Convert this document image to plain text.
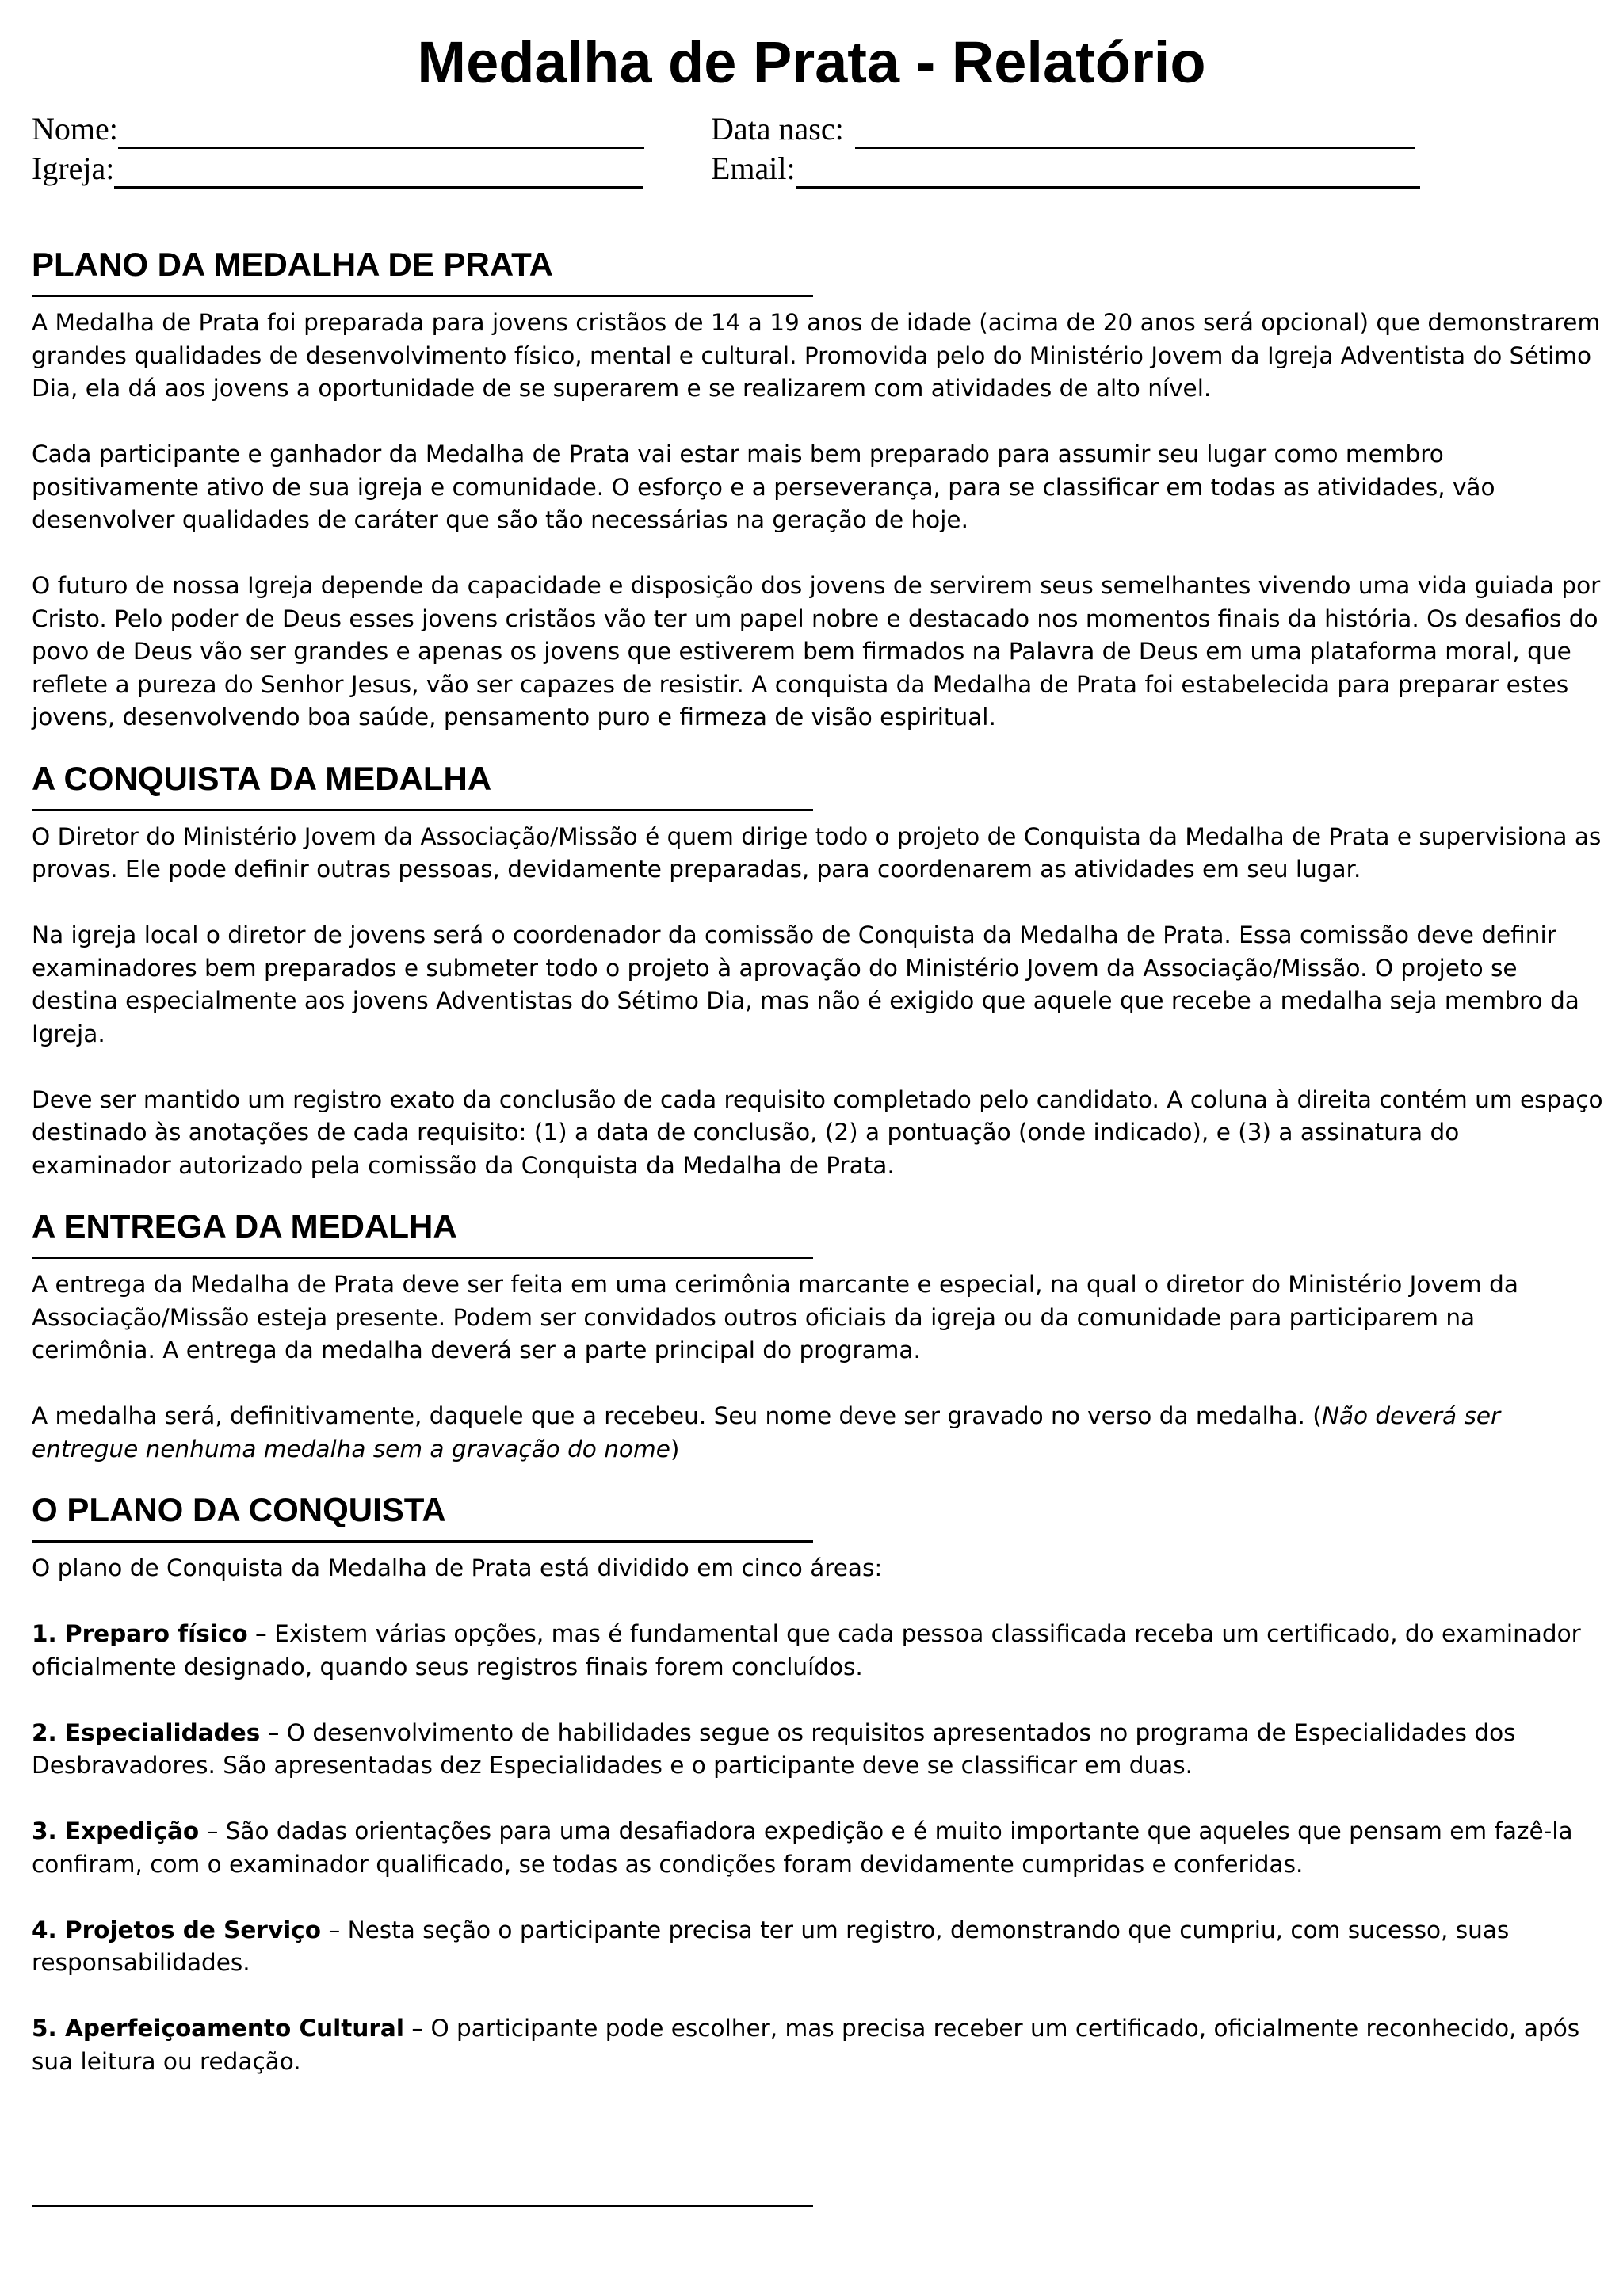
Medalha de Prata - Relatório
Nome:	Data nasc:
Igreja:	Email:
PLANO DA MEDALHA DE PRATA

A Medalha de Prata foi preparada para jovens cristãos de 14 a 19 anos de idade (acima de 20 anos será opcional) que demonstrarem grandes qualidades de desenvolvimento físico, mental e cultural. Promovida pelo do Ministério Jovem da Igreja Adventista do Sétimo Dia, ela dá aos jovens a oportunidade de se superarem e se realizarem com atividades de alto nível.

Cada participante e ganhador da Medalha de Prata vai estar mais bem preparado para assumir seu lugar como membro positivamente ativo de sua igreja e comunidade. O esforço e a perseverança, para se classificar em todas as atividades, vão desenvolver qualidades de caráter que são tão necessárias na geração de hoje.

O futuro de nossa Igreja depende da capacidade e disposição dos jovens de servirem seus semelhantes vivendo uma vida guiada por Cristo. Pelo poder de Deus esses jovens cristãos vão ter um papel nobre e destacado nos momentos finais da história. Os desafios do povo de Deus vão ser grandes e apenas os jovens que estiverem bem firmados na Palavra de Deus em uma plataforma moral, que reflete a pureza do Senhor Jesus, vão ser capazes de resistir. A conquista da Medalha de Prata foi estabelecida para preparar estes jovens, desenvolvendo boa saúde, pensamento puro e firmeza de visão espiritual.

A CONQUISTA DA MEDALHA

O Diretor do Ministério Jovem da Associação/Missão é quem dirige todo o projeto de Conquista da Medalha de Prata e supervisiona as provas. Ele pode definir outras pessoas, devidamente preparadas, para coordenarem as atividades em seu lugar.

Na igreja local o diretor de jovens será o coordenador da comissão de Conquista da Medalha de Prata. Essa comissão deve definir examinadores bem preparados e submeter todo o projeto à aprovação do Ministério Jovem da Associação/Missão. O projeto se destina especialmente aos jovens Adventistas do Sétimo Dia, mas não é exigido que aquele que recebe a medalha seja membro da Igreja.

Deve ser mantido um registro exato da conclusão de cada requisito completado pelo candidato. A coluna à direita contém um espaço destinado às anotações de cada requisito: (1) a data de conclusão, (2) a pontuação (onde indicado), e (3) a assinatura do examinador autorizado pela comissão da Conquista da Medalha de Prata.

A ENTREGA DA MEDALHA

A entrega da Medalha de Prata deve ser feita em uma cerimônia marcante e especial, na qual o diretor do Ministério Jovem da Associação/Missão esteja presente. Podem ser convidados outros oficiais da igreja ou da comunidade para participarem na cerimônia. A entrega da medalha deverá ser a parte principal do programa.

A medalha será, definitivamente, daquele que a recebeu. Seu nome deve ser gravado no verso da medalha. (Não deverá ser entregue nenhuma medalha sem a gravação do nome)

O PLANO DA CONQUISTA

O plano de Conquista da Medalha de Prata está dividido em cinco áreas:

1. Preparo físico – Existem várias opções, mas é fundamental que cada pessoa classificada receba um certificado, do examinador oficialmente designado, quando seus registros finais forem concluídos.

2. Especialidades – O desenvolvimento de habilidades segue os requisitos apresentados no programa de Especialidades dos Desbravadores. São apresentadas dez Especialidades e o participante deve se classificar em duas.

3. Expedição – São dadas orientações para uma desafiadora expedição e é muito importante que aqueles que pensam em fazê-la confiram, com o examinador qualificado, se todas as condições foram devidamente cumpridas e conferidas.

4. Projetos de Serviço – Nesta seção o participante precisa ter um registro, demonstrando que cumpriu, com sucesso, suas responsabilidades.

5. Aperfeiçoamento Cultural – O participante pode escolher, mas precisa receber um certificado, oficialmente reconhecido, após sua leitura ou redação.
